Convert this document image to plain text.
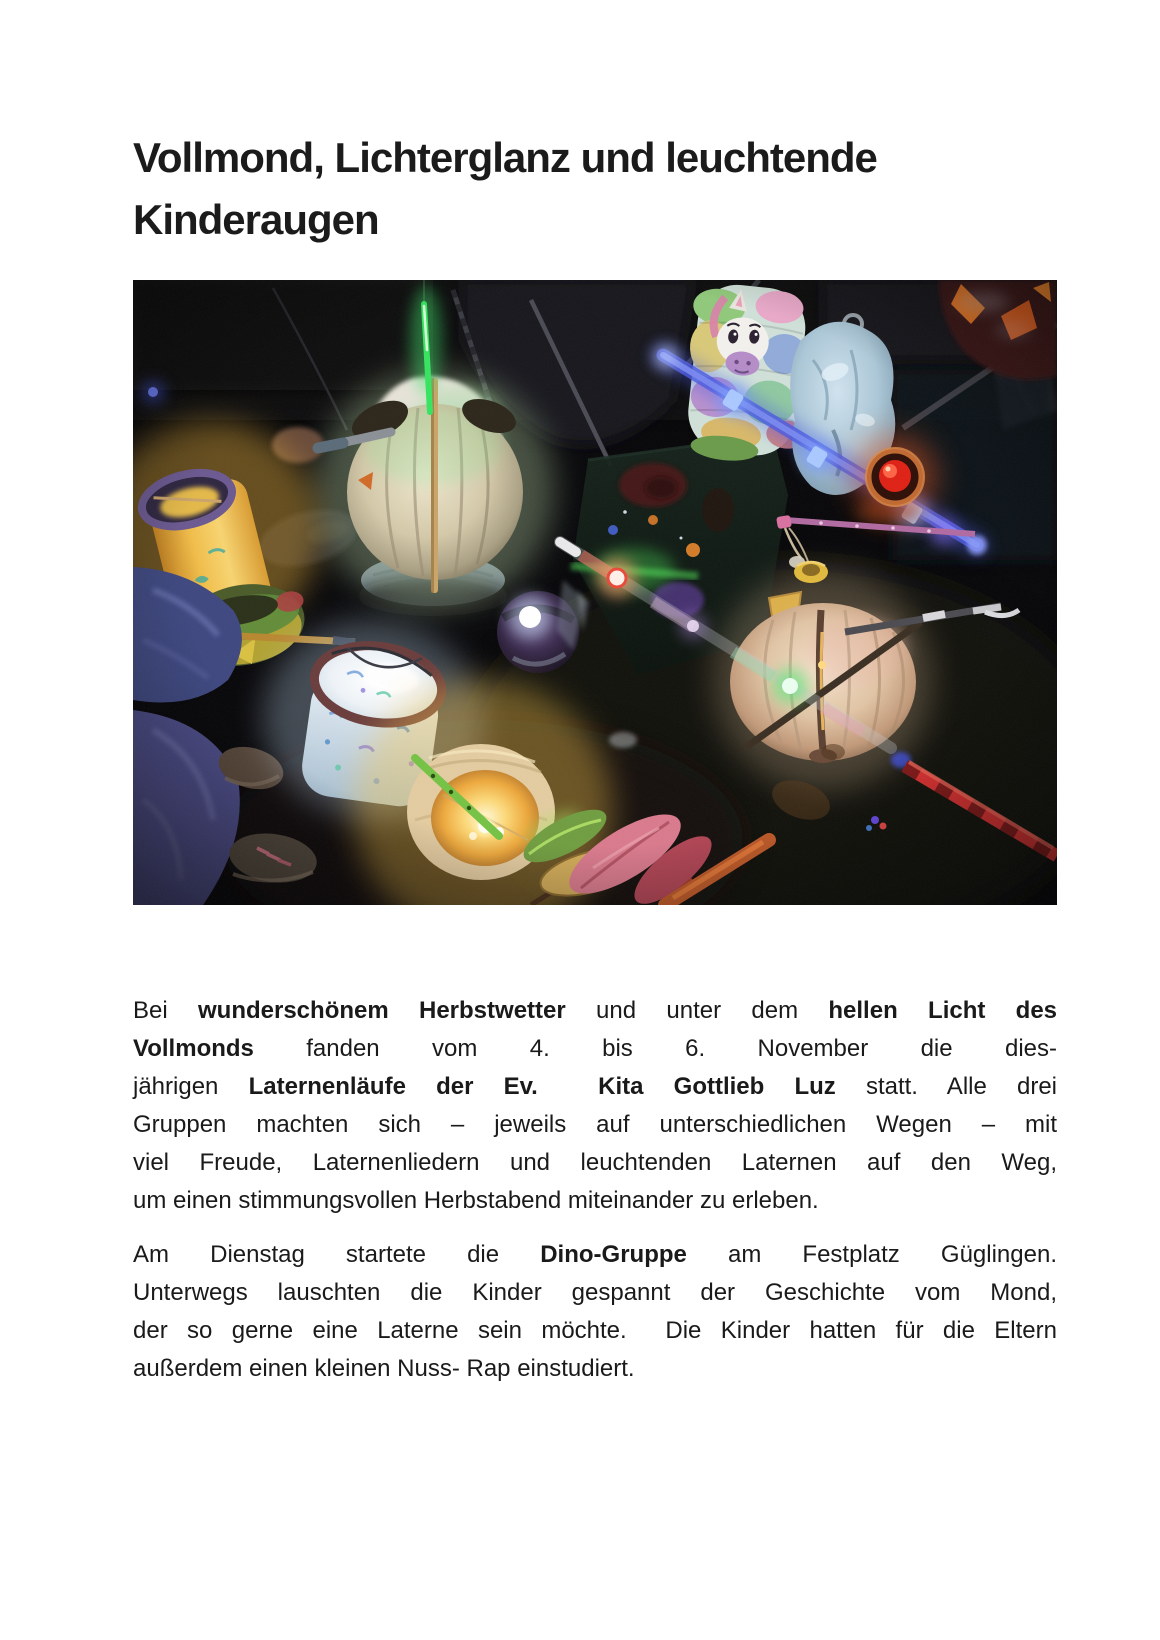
Vollmond, Lichterglanz und leuchtende Kinderaugen

Bei wunderschönem Herbstwetter und unter dem hellen Licht des
Vollmonds fanden vom 4. bis 6. November die dies-
jährigen Laternenläufe der Ev.  Kita Gottlieb Luz statt. Alle drei
Gruppen machten sich – jeweils auf unterschiedlichen Wegen – mit
viel Freude, Laternenliedern und leuchtenden Laternen auf den Weg,
um einen stimmungsvollen Herbstabend miteinander zu erleben.

Am Dienstag startete die Dino-Gruppe am Festplatz Güglingen.
Unterwegs lauschten die Kinder gespannt der Geschichte vom Mond,
der so gerne eine Laterne sein möchte.  Die Kinder hatten für die Eltern
außerdem einen kleinen Nuss- Rap einstudiert.
